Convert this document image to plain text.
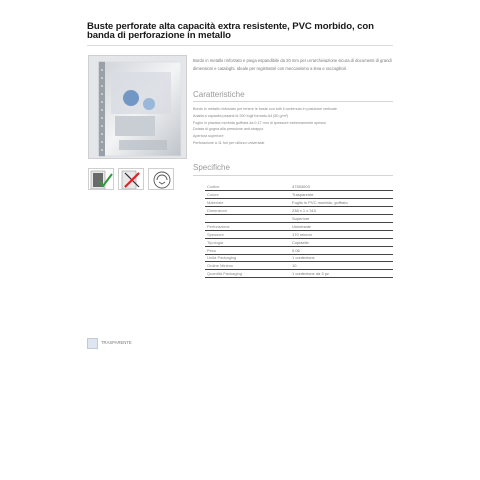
Buste perforate alta capacità extra resistente, PVC morbido, con banda di perforazione in metallo
Bordo in metallo rinforzato e piega espandibile da 20 mm per un'archiviazione sicura di documenti di grandi dimensioni e cataloghi. Ideale per registratori con meccanismo a leva e raccoglitori.
Caratteristiche
Bordo in metallo rinforzato per tenere le buste con tutti il contenuto in posizione verticale
Adatta a capacità pesanti di 200 fogli formato A4 (80 g/m²)
Foglio in plastica morbida goffrata da 0,17 mm di spessore estremamente spesso
Dotata di gogna alla pressione anti-strappo
Apertura superiore
Perforazione a 11 fori per utilizzo universale
Specifiche
Codice	47553003
Colore	Trasparente
Materiale	Foglio in PVC morbido, goffrato
Dimensioni	238 x 1 x 310
	Superiore
Perforazione	Universale
Spessore	170 micron
Tipologia	Copiaelle
Peso	0,06
Unità Packaging	1 confezione
Ordine Minimo	10
Quantità Packaging	1 confezione da 3 pz
TRASPARENTE
